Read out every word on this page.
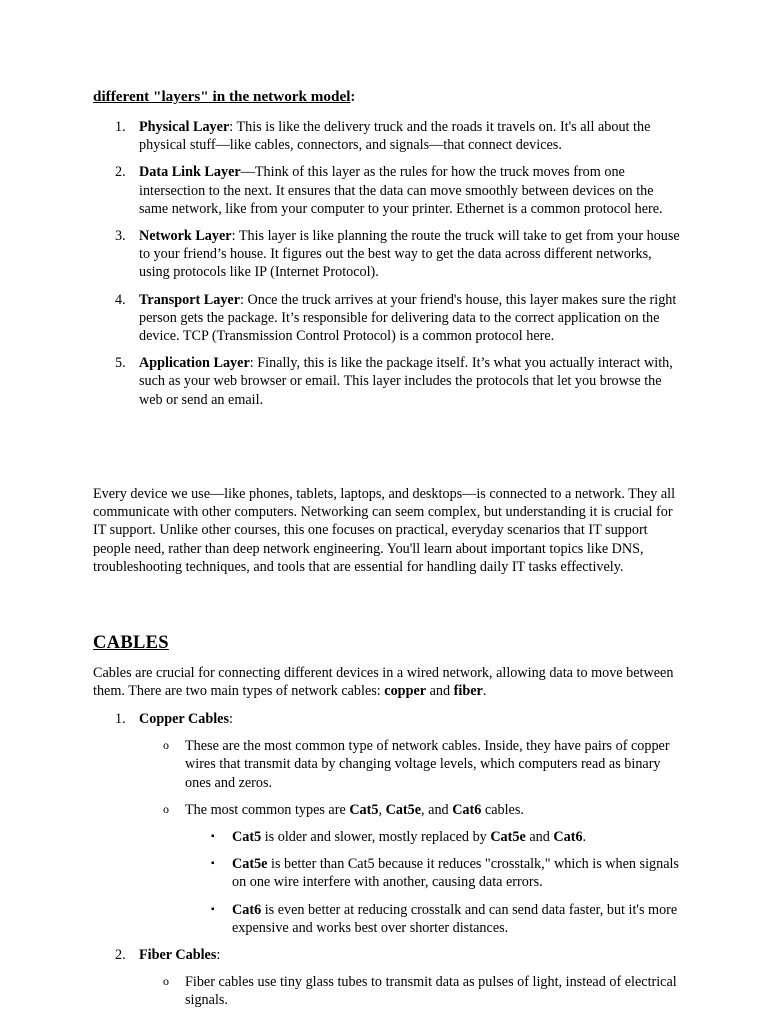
different "layers" in the network model:
1. Physical Layer: This is like the delivery truck and the roads it travels on. It's all about the physical stuff—like cables, connectors, and signals—that connect devices.
2. Data Link Layer—Think of this layer as the rules for how the truck moves from one intersection to the next. It ensures that the data can move smoothly between devices on the same network, like from your computer to your printer. Ethernet is a common protocol here.
3. Network Layer: This layer is like planning the route the truck will take to get from your house to your friend’s house. It figures out the best way to get the data across different networks, using protocols like IP (Internet Protocol).
4. Transport Layer: Once the truck arrives at your friend's house, this layer makes sure the right person gets the package. It’s responsible for delivering data to the correct application on the device. TCP (Transmission Control Protocol) is a common protocol here.
5. Application Layer: Finally, this is like the package itself. It’s what you actually interact with, such as your web browser or email. This layer includes the protocols that let you browse the web or send an email.

Every device we use—like phones, tablets, laptops, and desktops—is connected to a network. They all communicate with other computers. Networking can seem complex, but understanding it is crucial for IT support. Unlike other courses, this one focuses on practical, everyday scenarios that IT support people need, rather than deep network engineering. You'll learn about important topics like DNS, troubleshooting techniques, and tools that are essential for handling daily IT tasks effectively.

CABLES

Cables are crucial for connecting different devices in a wired network, allowing data to move between them. There are two main types of network cables: copper and fiber.

1. Copper Cables:
o These are the most common type of network cables. Inside, they have pairs of copper wires that transmit data by changing voltage levels, which computers read as binary ones and zeros.
o The most common types are Cat5, Cat5e, and Cat6 cables.
▪ Cat5 is older and slower, mostly replaced by Cat5e and Cat6.
▪ Cat5e is better than Cat5 because it reduces "crosstalk," which is when signals on one wire interfere with another, causing data errors.
▪ Cat6 is even better at reducing crosstalk and can send data faster, but it's more expensive and works best over shorter distances.
2. Fiber Cables:
o Fiber cables use tiny glass tubes to transmit data as pulses of light, instead of electrical signals.
